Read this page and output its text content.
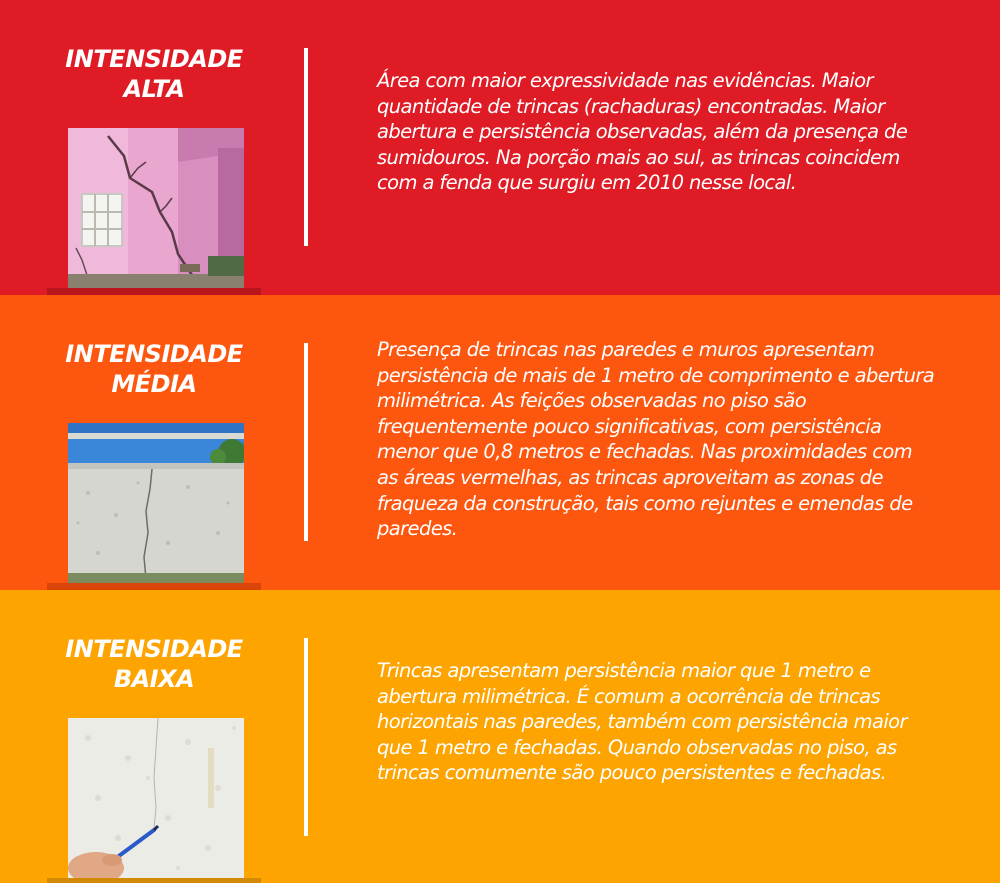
INTENSIDADE
ALTA	Área com maior expressividade nas evidências. Maior quantidade de trincas (rachaduras) encontradas. Maior abertura e persistência observadas, além da presença de sumidouros. Na porção mais ao sul, as trincas coincidem com a fenda que surgiu em 2010 nesse local.

INTENSIDADE
MÉDIA

Presença de trincas nas paredes e muros apresentam persistência de mais de 1 metro de comprimento e abertura milimétrica. As feições observadas no piso são frequentemente pouco significativas, com persistência menor que 0,8 metros e fechadas. Nas proximidades com as áreas vermelhas, as trincas aproveitam as zonas de fraqueza da construção, tais como rejuntes e emendas de paredes.

INTENSIDADE
BAIXA	Trincas apresentam persistência maior que 1 metro e abertura milimétrica. É comum a ocorrência de trincas horizontais nas paredes, também com persistência maior que 1 metro e fechadas. Quando observadas no piso, as trincas comumente são pouco persistentes e fechadas.
